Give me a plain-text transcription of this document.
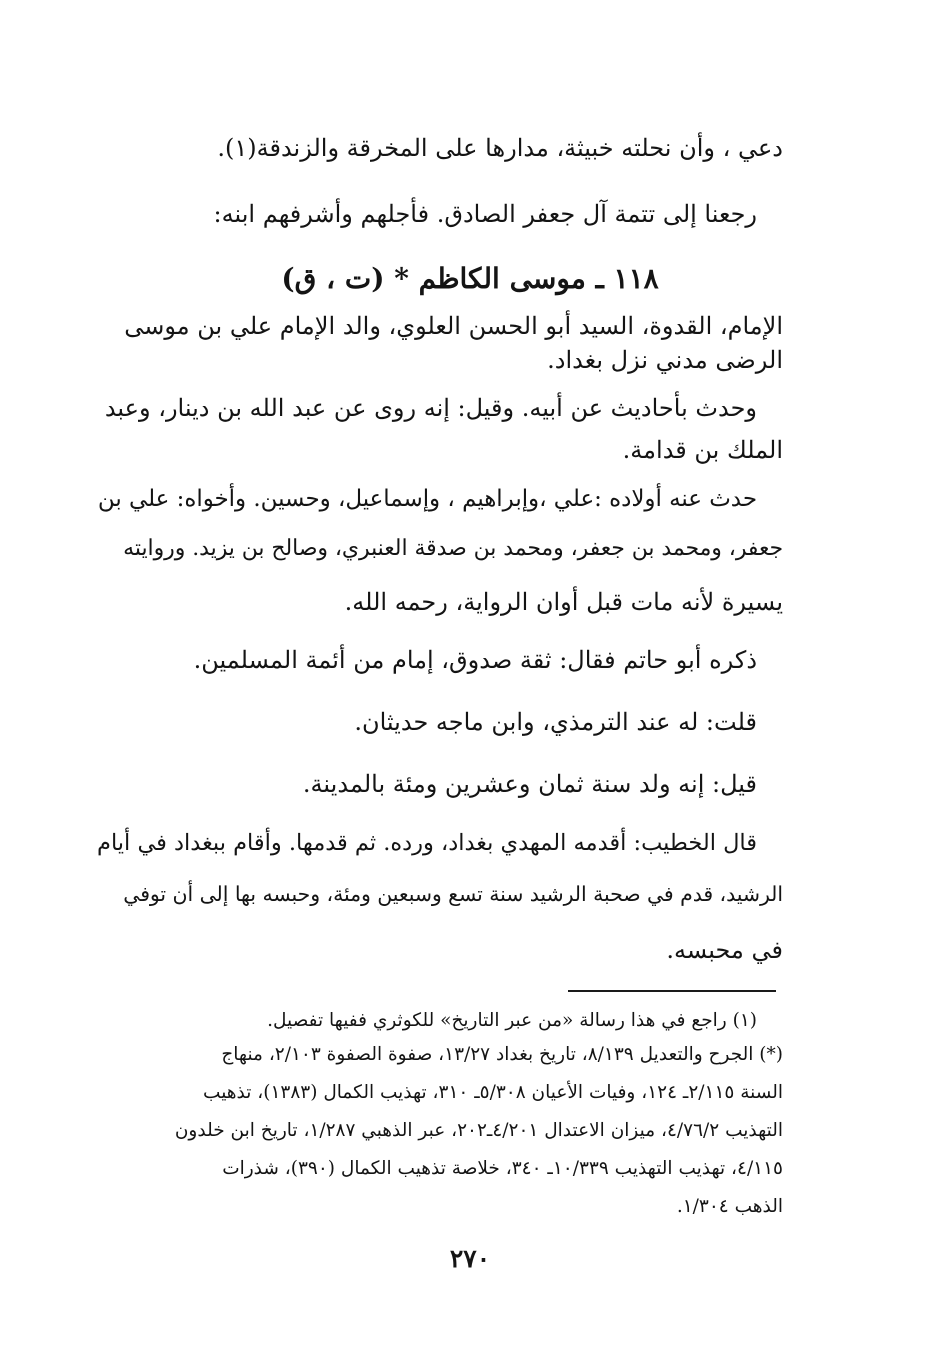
دعي ، وأن نحلته خبيثة، مدارها على المخرقة والزندقة(١).
رجعنا إلى تتمة آل جعفر الصادق. فأجلهم وأشرفهم ابنه:
١١٨ ـ موسى الكاظم * (ت ، ق)
الإمام، القدوة، السيد أبو الحسن العلوي، والد الإمام علي بن موسى
الرضى مدني نزل بغداد.
وحدث بأحاديث عن أبيه. وقيل: إنه روى عن عبد الله بن دينار، وعبد
الملك بن قدامة.
حدث عنه أولاده :علي ،وإبراهيم ، وإسماعيل، وحسين. وأخواه: علي بن
جعفر، ومحمد بن جعفر، ومحمد بن صدقة العنبري، وصالح بن يزيد. وروايته
يسيرة لأنه مات قبل أوان الرواية، رحمه الله.
ذكره أبو حاتم فقال: ثقة صدوق، إمام من أئمة المسلمين.
قلت: له عند الترمذي، وابن ماجه حديثان.
قيل: إنه ولد سنة ثمان وعشرين ومئة بالمدينة.
قال الخطيب: أقدمه المهدي بغداد، ورده. ثم قدمها. وأقام ببغداد في أيام
الرشيد، قدم في صحبة الرشيد سنة تسع وسبعين ومئة، وحبسه بها إلى أن توفي
في محبسه.
(١) راجع في هذا رسالة «من عبر التاريخ» للكوثري ففيها تفصيل.
(*) الجرح والتعديل ٨/١٣٩، تاريخ بغداد ١٣/٢٧، صفوة الصفوة ٢/١٠٣، منهاج
السنة ٢/١١٥ـ ١٢٤، وفيات الأعيان ٥/٣٠٨ـ ٣١٠، تهذيب الكمال (١٣٨٣)، تذهيب
التهذيب ٤/٧٦/٢، ميزان الاعتدال ٤/٢٠١ـ٢٠٢، عبر الذهبي ١/٢٨٧، تاريخ ابن خلدون
٤/١١٥، تهذيب التهذيب ١٠/٣٣٩ـ ٣٤٠، خلاصة تذهيب الكمال (٣٩٠)، شذرات
الذهب ١/٣٠٤.
٢٧٠
